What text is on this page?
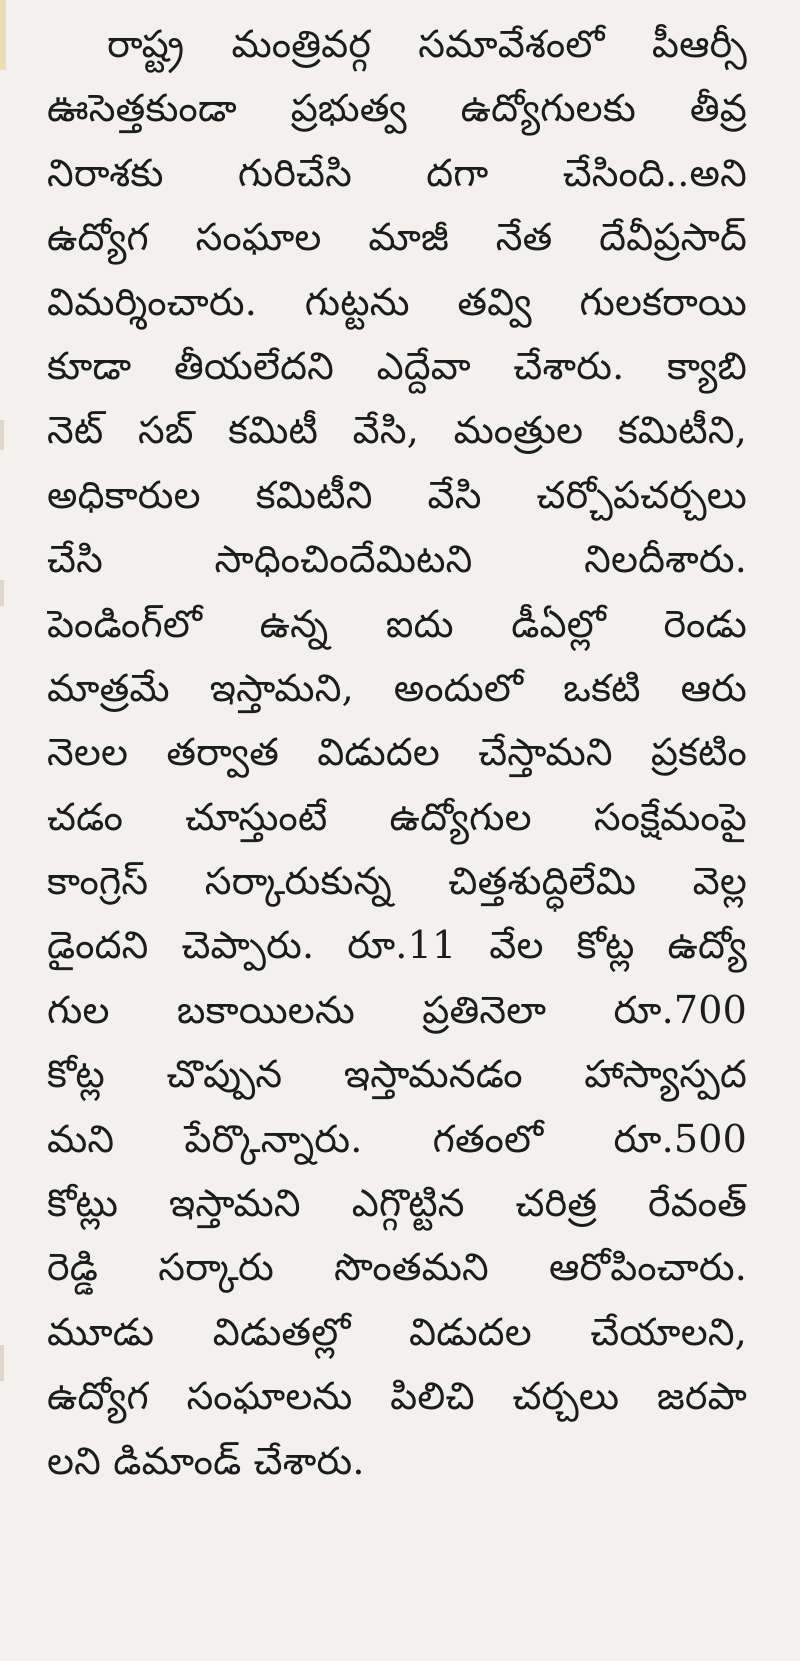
రాష్ట్ర మంత్రివర్గ సమావేశంలో పీఆర్సీ
ఊసెత్తకుండా ప్రభుత్వ ఉద్యోగులకు తీవ్ర
నిరాశకు గురిచేసి దగా చేసింది..అని
ఉద్యోగ సంఘాల మాజీ నేత దేవీప్రసాద్
విమర్శించారు. గుట్టను తవ్వి గులకరాయి
కూడా తీయలేదని ఎద్దేవా చేశారు. క్యాబి
నెట్ సబ్ కమిటీ వేసి, మంత్రుల కమిటీని,
అధికారుల కమిటీని వేసి చర్చోపచర్చలు
చేసి సాధించిందేమిటని నిలదీశారు.
పెండింగ్‌లో ఉన్న ఐదు డీఏల్లో రెండు
మాత్రమే ఇస్తామని, అందులో ఒకటి ఆరు
నెలల తర్వాత విడుదల చేస్తామని ప్రకటిం
చడం చూస్తుంటే ఉద్యోగుల సంక్షేమంపై
కాంగ్రెస్ సర్కారుకున్న చిత్తశుద్ధిలేమి వెల్ల
డైందని చెప్పారు. రూ.11 వేల కోట్ల ఉద్యో
గుల బకాయిలను ప్రతినెలా రూ.700
కోట్ల చొప్పున ఇస్తామనడం హాస్యాస్పద
మని పేర్కొన్నారు. గతంలో రూ.500
కోట్లు ఇస్తామని ఎగ్గొట్టిన చరిత్ర రేవంత్
రెడ్డి సర్కారు సొంతమని ఆరోపించారు.
మూడు విడుతల్లో విడుదల చేయాలని,
ఉద్యోగ సంఘాలను పిలిచి చర్చలు జరపా
లని డిమాండ్ చేశారు.
